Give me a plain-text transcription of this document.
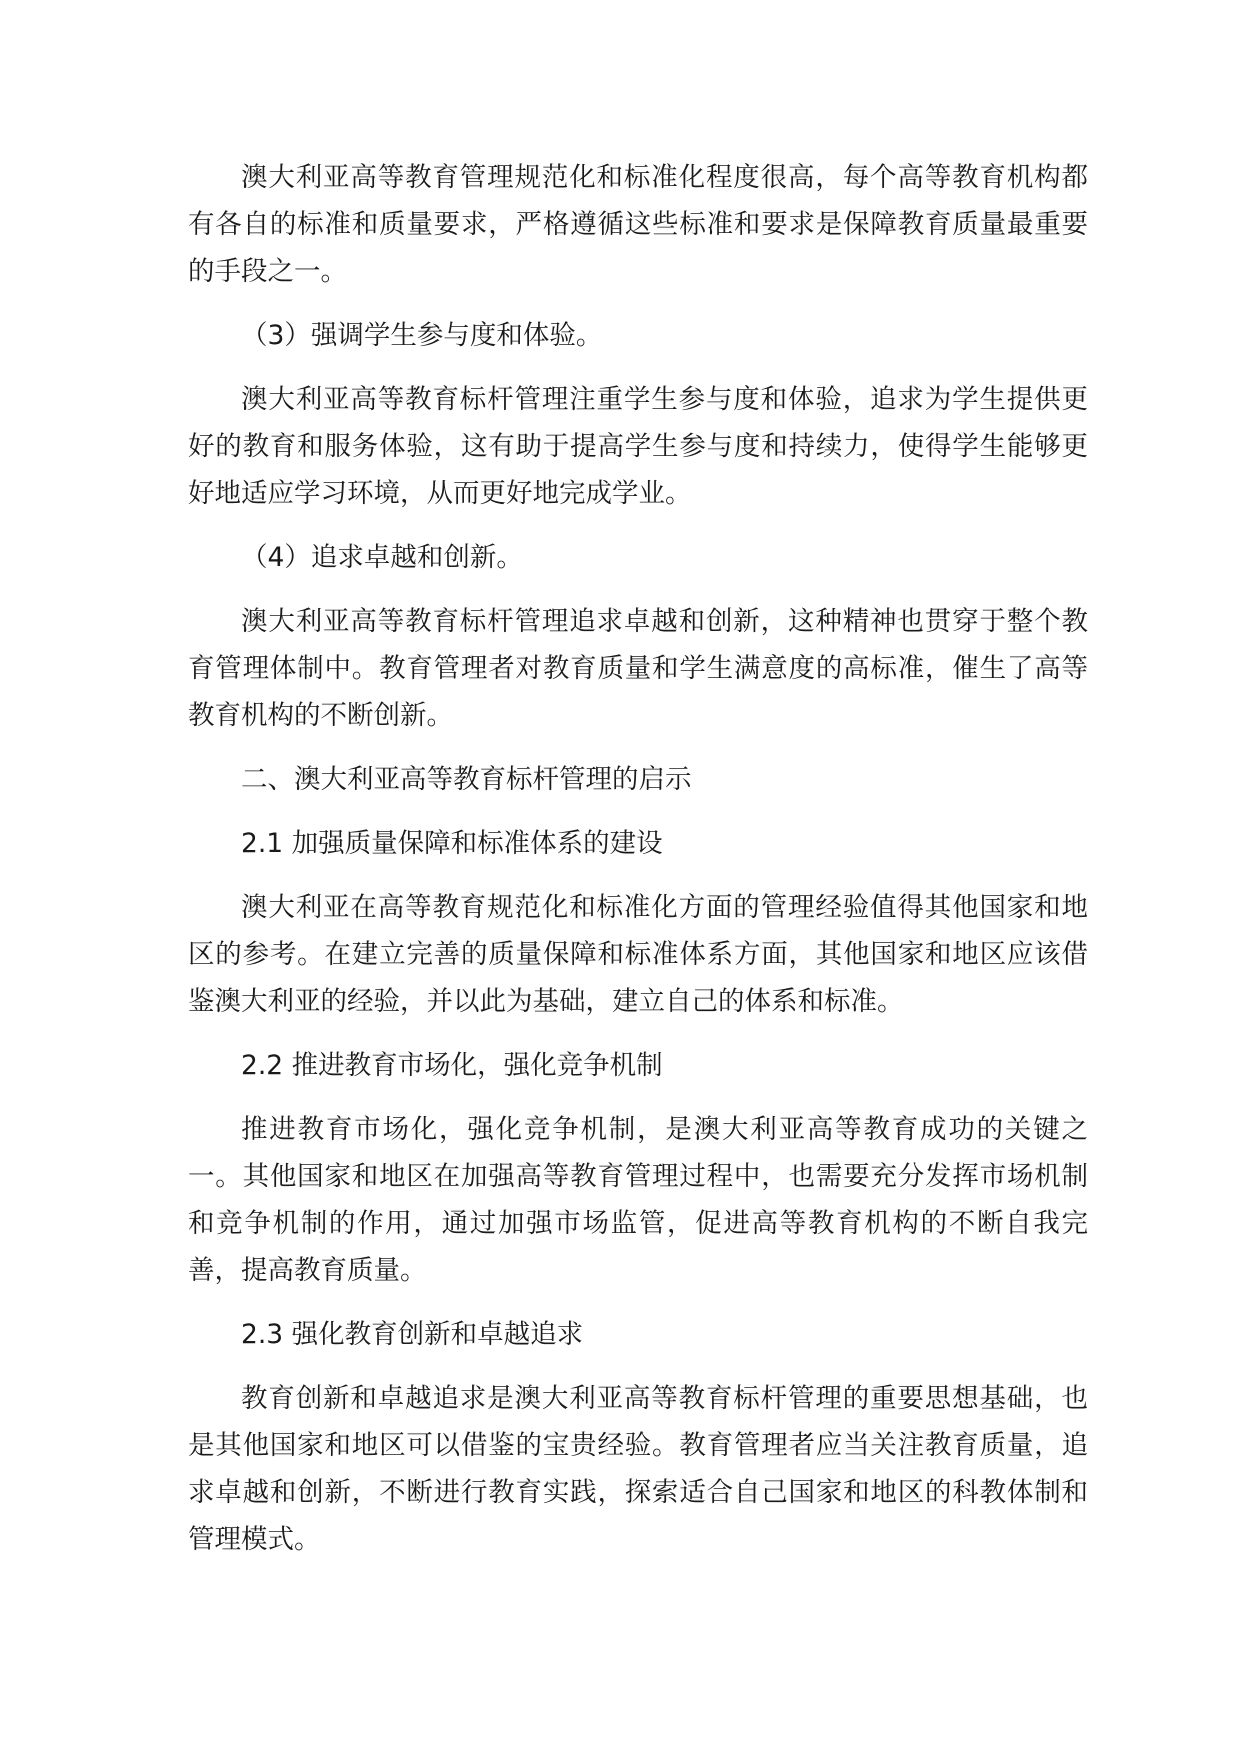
澳大利亚高等教育管理规范化和标准化程度很高，每个高等教育机构都有各自的标准和质量要求，严格遵循这些标准和要求是保障教育质量最重要的手段之一。

（3）强调学生参与度和体验。

澳大利亚高等教育标杆管理注重学生参与度和体验，追求为学生提供更好的教育和服务体验，这有助于提高学生参与度和持续力，使得学生能够更好地适应学习环境，从而更好地完成学业。

（4）追求卓越和创新。

澳大利亚高等教育标杆管理追求卓越和创新，这种精神也贯穿于整个教育管理体制中。教育管理者对教育质量和学生满意度的高标准，催生了高等教育机构的不断创新。

二、澳大利亚高等教育标杆管理的启示

2.1 加强质量保障和标准体系的建设

澳大利亚在高等教育规范化和标准化方面的管理经验值得其他国家和地区的参考。在建立完善的质量保障和标准体系方面，其他国家和地区应该借鉴澳大利亚的经验，并以此为基础，建立自己的体系和标准。

2.2 推进教育市场化，强化竞争机制

推进教育市场化，强化竞争机制，是澳大利亚高等教育成功的关键之一。其他国家和地区在加强高等教育管理过程中，也需要充分发挥市场机制和竞争机制的作用，通过加强市场监管，促进高等教育机构的不断自我完善，提高教育质量。

2.3 强化教育创新和卓越追求

教育创新和卓越追求是澳大利亚高等教育标杆管理的重要思想基础，也是其他国家和地区可以借鉴的宝贵经验。教育管理者应当关注教育质量，追求卓越和创新，不断进行教育实践，探索适合自己国家和地区的科教体制和管理模式。
